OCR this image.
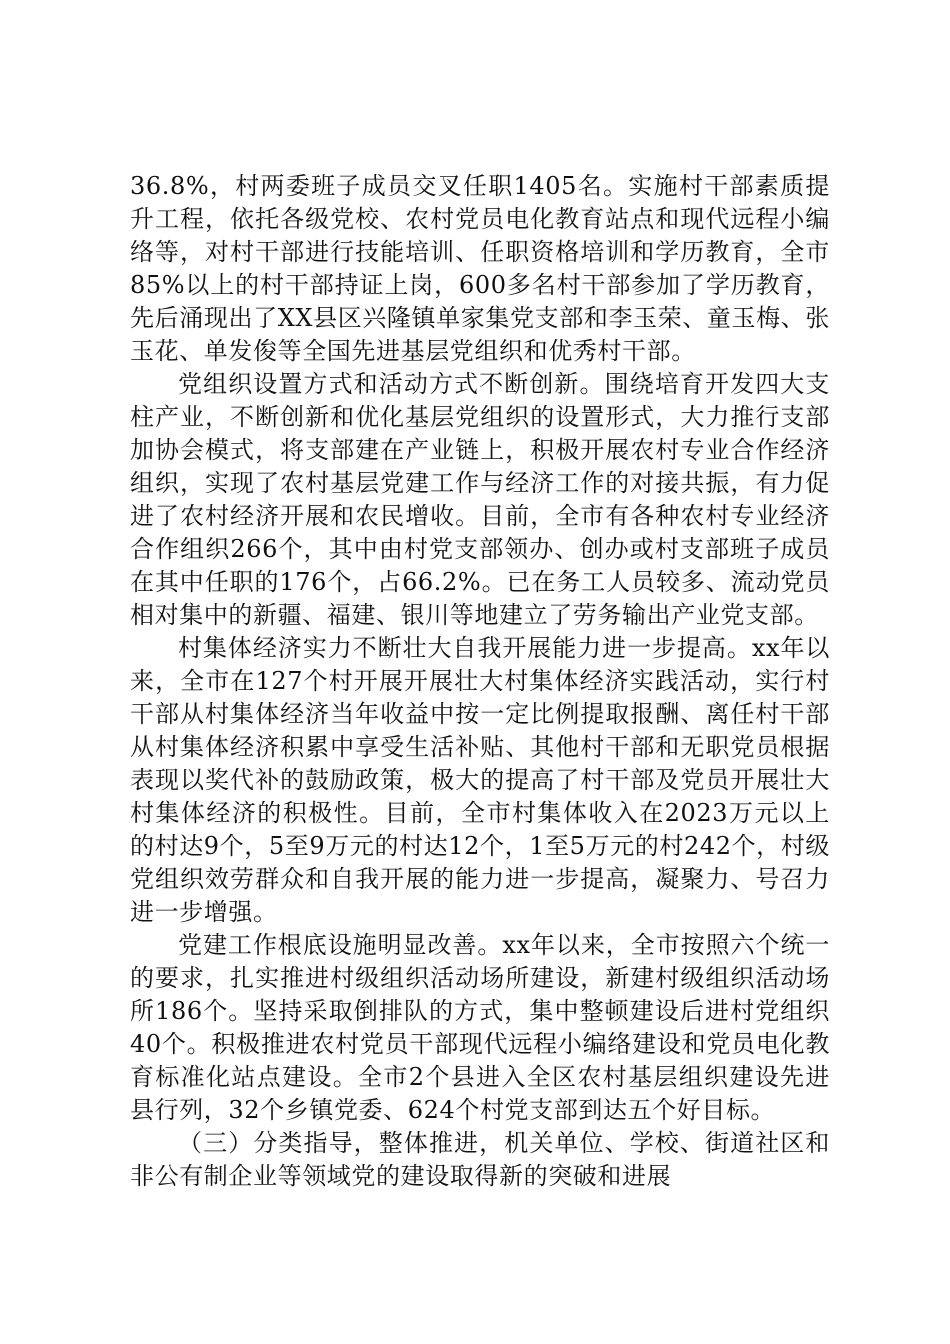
36.8%，村两委班子成员交叉任职1405名。实施村干部素质提升工程，依托各级党校、农村党员电化教育站点和现代远程小编络等，对村干部进行技能培训、任职资格培训和学历教育，全市85%以上的村干部持证上岗，600多名村干部参加了学历教育，先后涌现出了XX县区兴隆镇单家集党支部和李玉荣、童玉梅、张玉花、单发俊等全国先进基层党组织和优秀村干部。

党组织设置方式和活动方式不断创新。围绕培育开发四大支柱产业，不断创新和优化基层党组织的设置形式，大力推行支部加协会模式，将支部建在产业链上，积极开展农村专业合作经济组织，实现了农村基层党建工作与经济工作的对接共振，有力促进了农村经济开展和农民增收。目前，全市有各种农村专业经济合作组织266个，其中由村党支部领办、创办或村支部班子成员在其中任职的176个，占66.2%。已在务工人员较多、流动党员相对集中的新疆、福建、银川等地建立了劳务输出产业党支部。

村集体经济实力不断壮大自我开展能力进一步提高。xx年以来，全市在127个村开展开展壮大村集体经济实践活动，实行村干部从村集体经济当年收益中按一定比例提取报酬、离任村干部从村集体经济积累中享受生活补贴、其他村干部和无职党员根据表现以奖代补的鼓励政策，极大的提高了村干部及党员开展壮大村集体经济的积极性。目前，全市村集体收入在2023万元以上的村达9个，5至9万元的村达12个，1至5万元的村242个，村级党组织效劳群众和自我开展的能力进一步提高，凝聚力、号召力进一步增强。

党建工作根底设施明显改善。xx年以来，全市按照六个统一的要求，扎实推进村级组织活动场所建设，新建村级组织活动场所186个。坚持采取倒排队的方式，集中整顿建设后进村党组织40个。积极推进农村党员干部现代远程小编络建设和党员电化教育标准化站点建设。全市2个县进入全区农村基层组织建设先进县行列，32个乡镇党委、624个村党支部到达五个好目标。

（三）分类指导，整体推进，机关单位、学校、街道社区和非公有制企业等领域党的建设取得新的突破和进展
